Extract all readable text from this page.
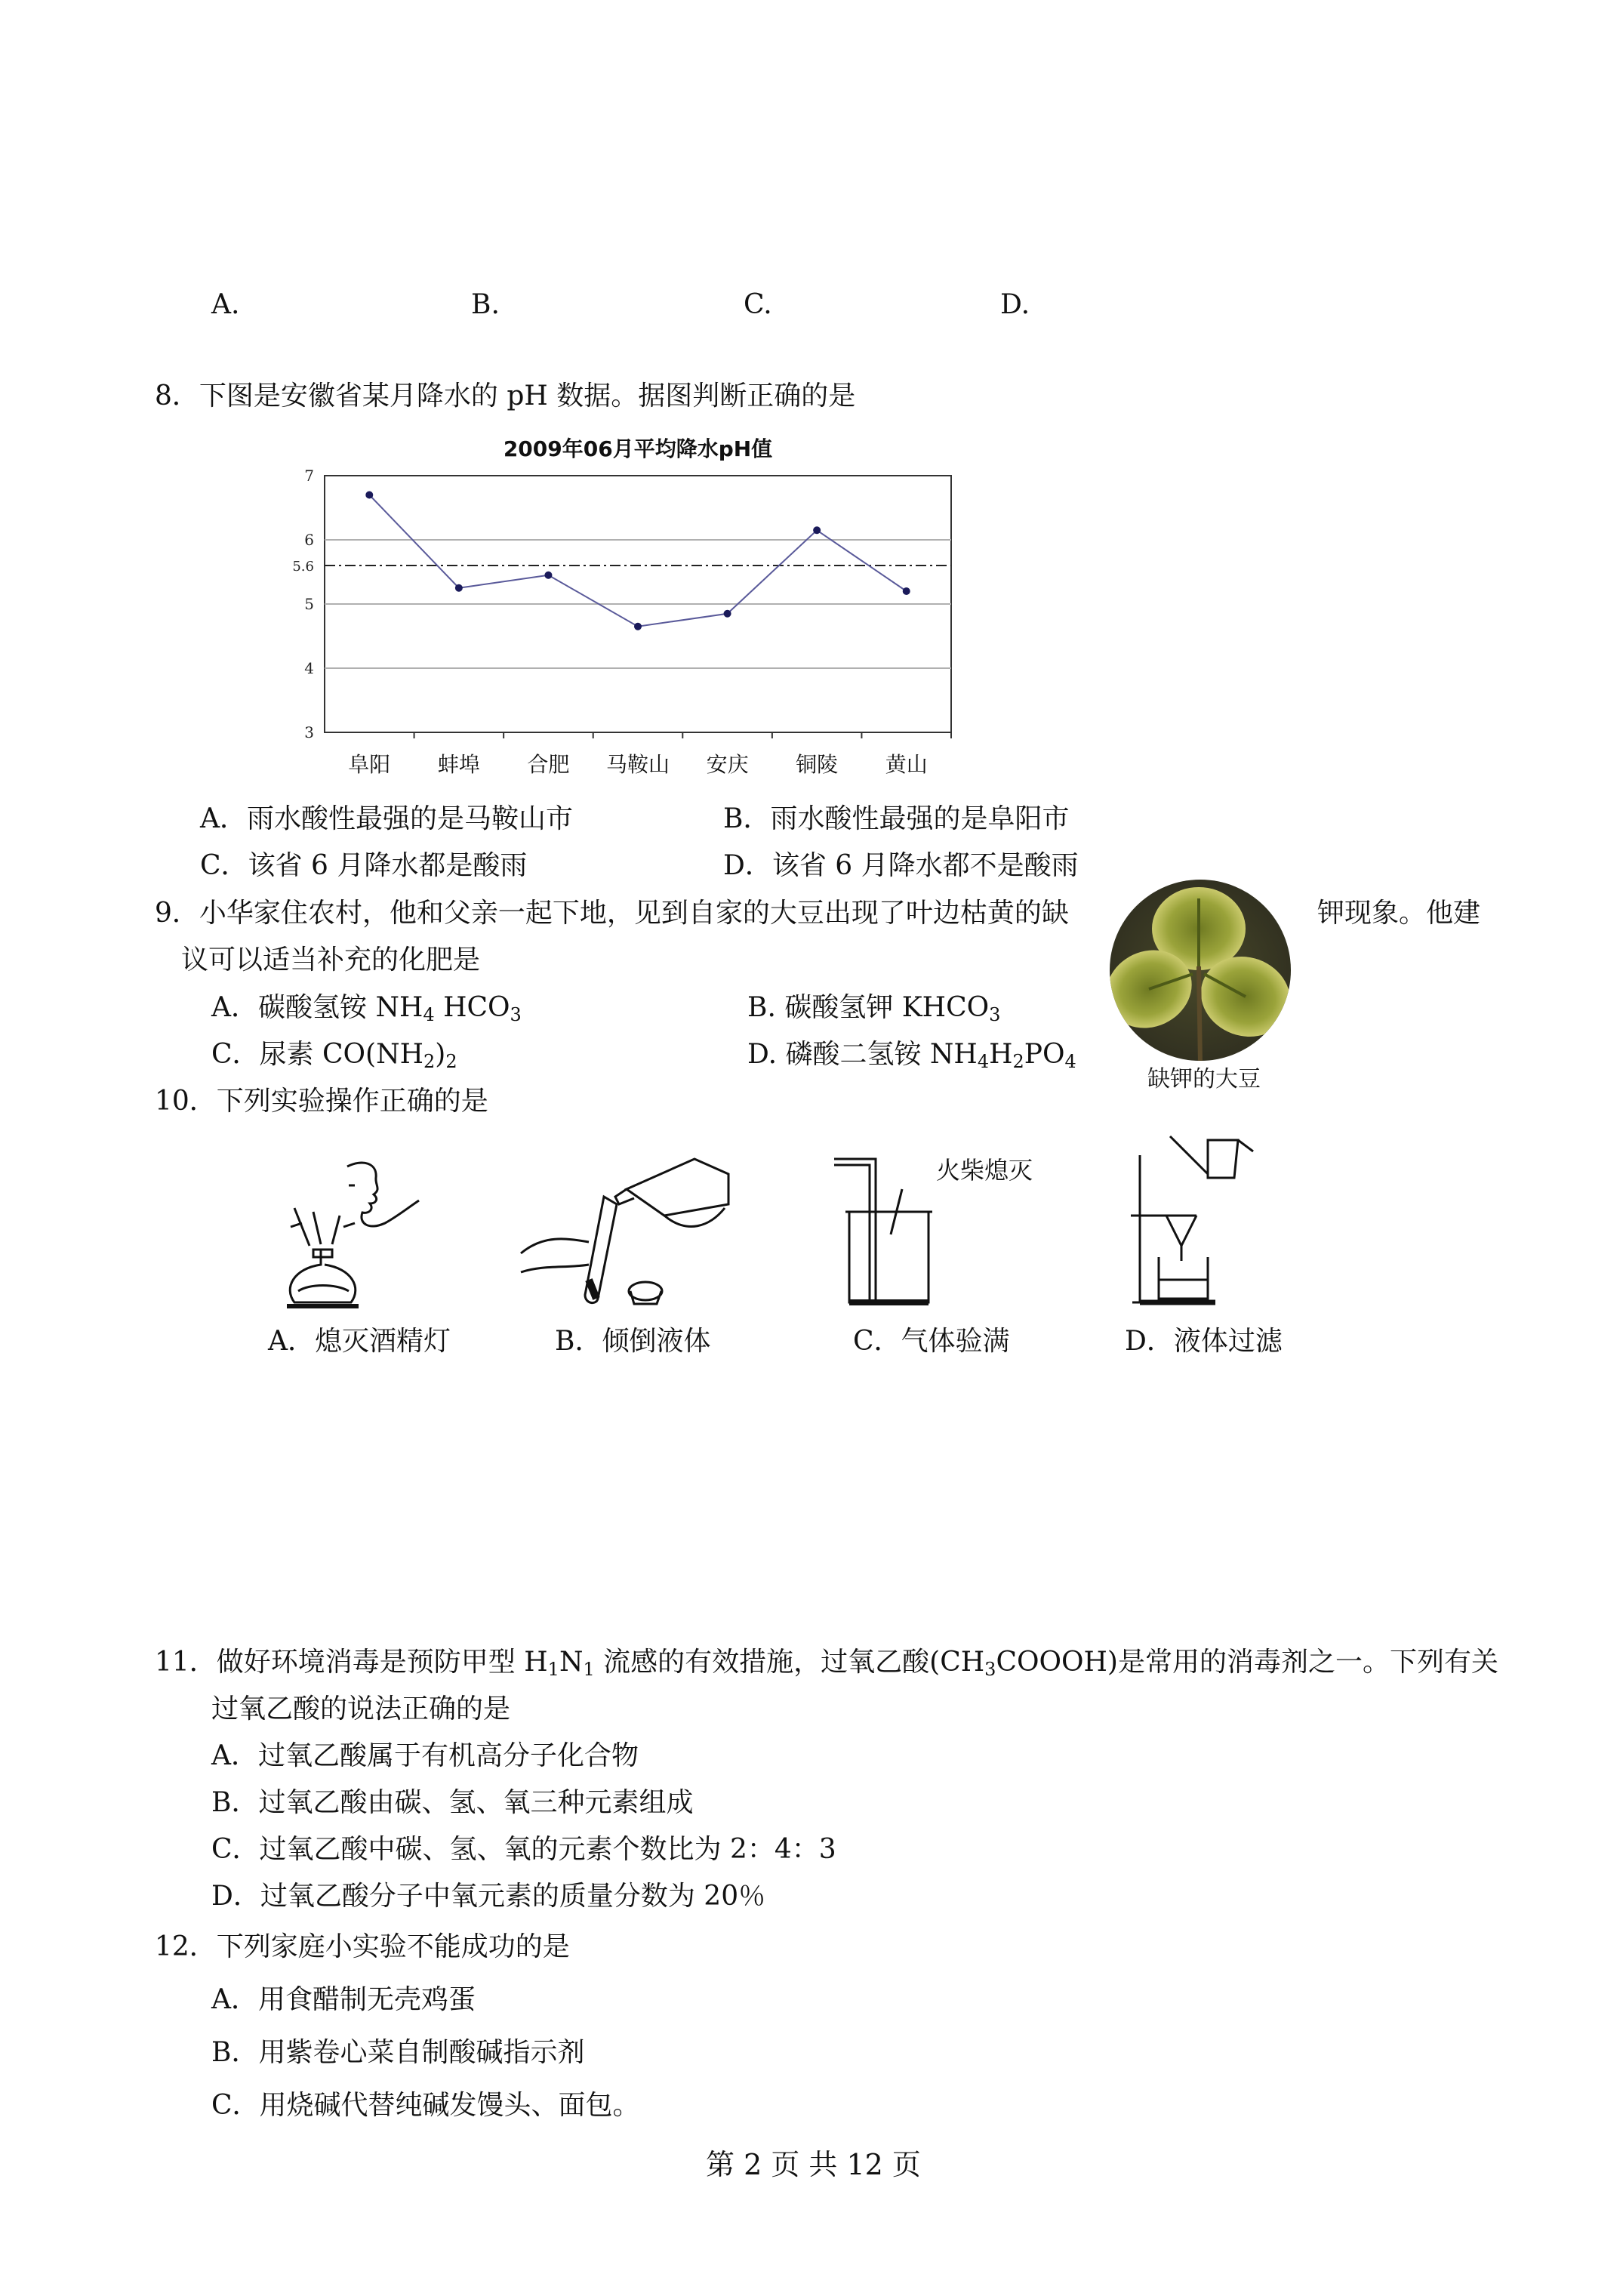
A.	B.	C.	D.
8．下图是安徽省某月降水的 pH 数据。据图判断正确的是
2009年06月平均降水pH值
7
6
5.6
5
4
3
阜阳 蚌埠 合肥 马鞍山 安庆 铜陵 黄山
A．雨水酸性最强的是马鞍山市	B．雨水酸性最强的是阜阳市
C．该省 6 月降水都是酸雨	D．该省 6 月降水都不是酸雨
9．小华家住农村，他和父亲一起下地，见到自家的大豆出现了叶边枯黄的缺	钾现象。他建
议可以适当补充的化肥是
A．碳酸氢铵 $NH_4$ $HCO_3$	B. 碳酸氢钾 $KHCO_3$
C．尿素 $CO(NH_2)_2$	D. 磷酸二氢铵 $NH_4H_2PO_4$
缺钾的大豆
10．下列实验操作正确的是
火柴熄灭
A．熄灭酒精灯	B．倾倒液体	C．气体验满	D．液体过滤
11．做好环境消毒是预防甲型 $H_1N_1$ 流感的有效措施，过氧乙酸$(CH_3COOOH)$是常用的消毒剂之一。下列有关
过氧乙酸的说法正确的是
A．过氧乙酸属于有机高分子化合物
B．过氧乙酸由碳、氢、氧三种元素组成
C．过氧乙酸中碳、氢、氧的元素个数比为 2：4：3
D．过氧乙酸分子中氧元素的质量分数为 20％
12．下列家庭小实验不能成功的是
A．用食醋制无壳鸡蛋
B．用紫卷心菜自制酸碱指示剂
C．用烧碱代替纯碱发馒头、面包。
第 2 页 共 12 页
